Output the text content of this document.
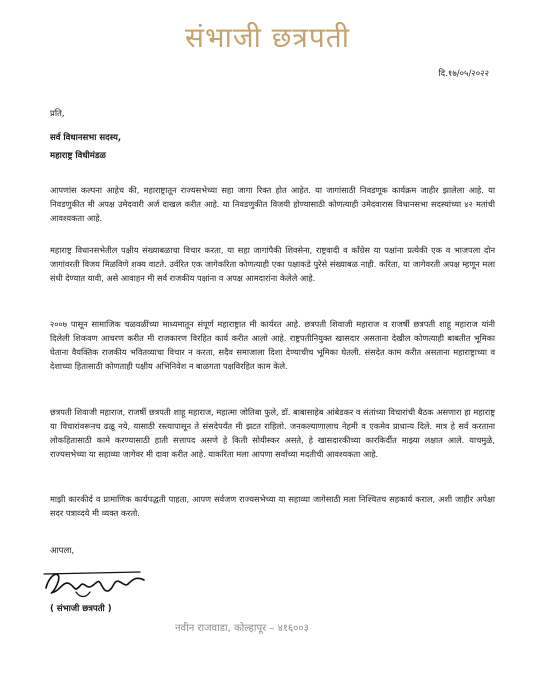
संभाजी छत्रपती
दि.१७/०५/२०२२
प्रति,
सर्व विधानसभा सदस्य,
महाराष्ट्र विधीमंडळ

आपणांस कल्पना आहेच की, महाराष्ट्रातून राज्यसभेच्या सहा जागा रिक्त होत आहेत. या जागांसाठी निवडणूक कार्यक्रम जाहीर झालेला आहे. या निवडणुकीत मी अपक्ष उमेदवारी अर्ज दाखल करीत आहे. या निवडणुकीत विजयी होण्यासाठी कोणत्याही उमेदवारास विधानसभा सदस्यांच्या ४२ मतांची आवश्यकता आहे.

महाराष्ट्र विधानसभेतील पक्षीय संख्याबळाचा विचार करता, या सहा जागांपैकी शिवसेना, राष्ट्रवादी व काँग्रेस या पक्षांना प्रत्येकी एक व भाजपला दोन जागांवरती विजय मिळविणे शक्य वाटते. उर्वरित एक जागेकरिता कोणत्याही एका पक्षाकडे पुरेसे संख्याबळ नाही. करिता, या जागेवरती अपक्ष म्हणून मला संधी देण्यात यावी, असे आवाहन मी सर्व राजकीय पक्षांना व अपक्ष आमदारांना केलेले आहे.

२००७ पासून सामाजिक चळवळींच्या माध्यमातून संपूर्ण महाराष्ट्रात मी कार्यरत आहे. छत्रपती शिवाजी महाराज व राजर्षी छत्रपती शाहू महाराज यांनी दिलेली शिकवण आचरण करीत मी राजकारण विरहित कार्य करीत आलो आहे. राष्ट्रपतीनियुक्त खासदार असताना देखील कोणत्याही बाबतीत भूमिका घेताना वैयक्तिक राजकीय भवितव्याचा विचार न करता, सदैव समाजाला दिशा देण्याचीच भूमिका घेतली. संसदेत काम करीत असताना महाराष्ट्राच्या व देशाच्या हितासाठी कोणताही पक्षीय अभिनिवेश न बाळगता पक्षविरहित काम केले.

छत्रपती शिवाजी महाराज, राजर्षी छत्रपती शाहू महाराज, महात्मा जोतिबा फुले, डॉ. बाबासाहेब आंबेडकर व संतांच्या विचारांची बैठक असणारा हा महाराष्ट्र या विचारांवरूनच ढळू नये, यासाठी रस्त्यापासून ते संसदेपर्यंत मी झटत राहिलो. जनकल्याणालाच नेहमी व एकमेव प्राधान्य दिले. मात्र हे सर्व करताना लोकहितासाठी कामे करण्यासाठी हाती सत्तापद असणे हे किती सोयीस्कर असते, हे खासदारकीच्या कारकिर्दीत माझ्या लक्षात आले. याचमुळे, राज्यसभेच्या या सहाव्या जागेवर मी दावा करीत आहे. याकरिता मला आपणा सर्वांच्या मदतीची आवश्यकता आहे.

माझी कारकीर्द व प्रामाणिक कार्यपद्धती पाहता, आपण सर्वजण राज्यसभेच्या या सहाव्या जागेसाठी मला निश्चितच सहकार्य कराल, अशी जाहीर अपेक्षा सदर पत्राव्दये मी व्यक्त करतो.

आपला,
( संभाजी छत्रपती )
नवीन राजवाडा, कोल्हापूर – ४१६००३
